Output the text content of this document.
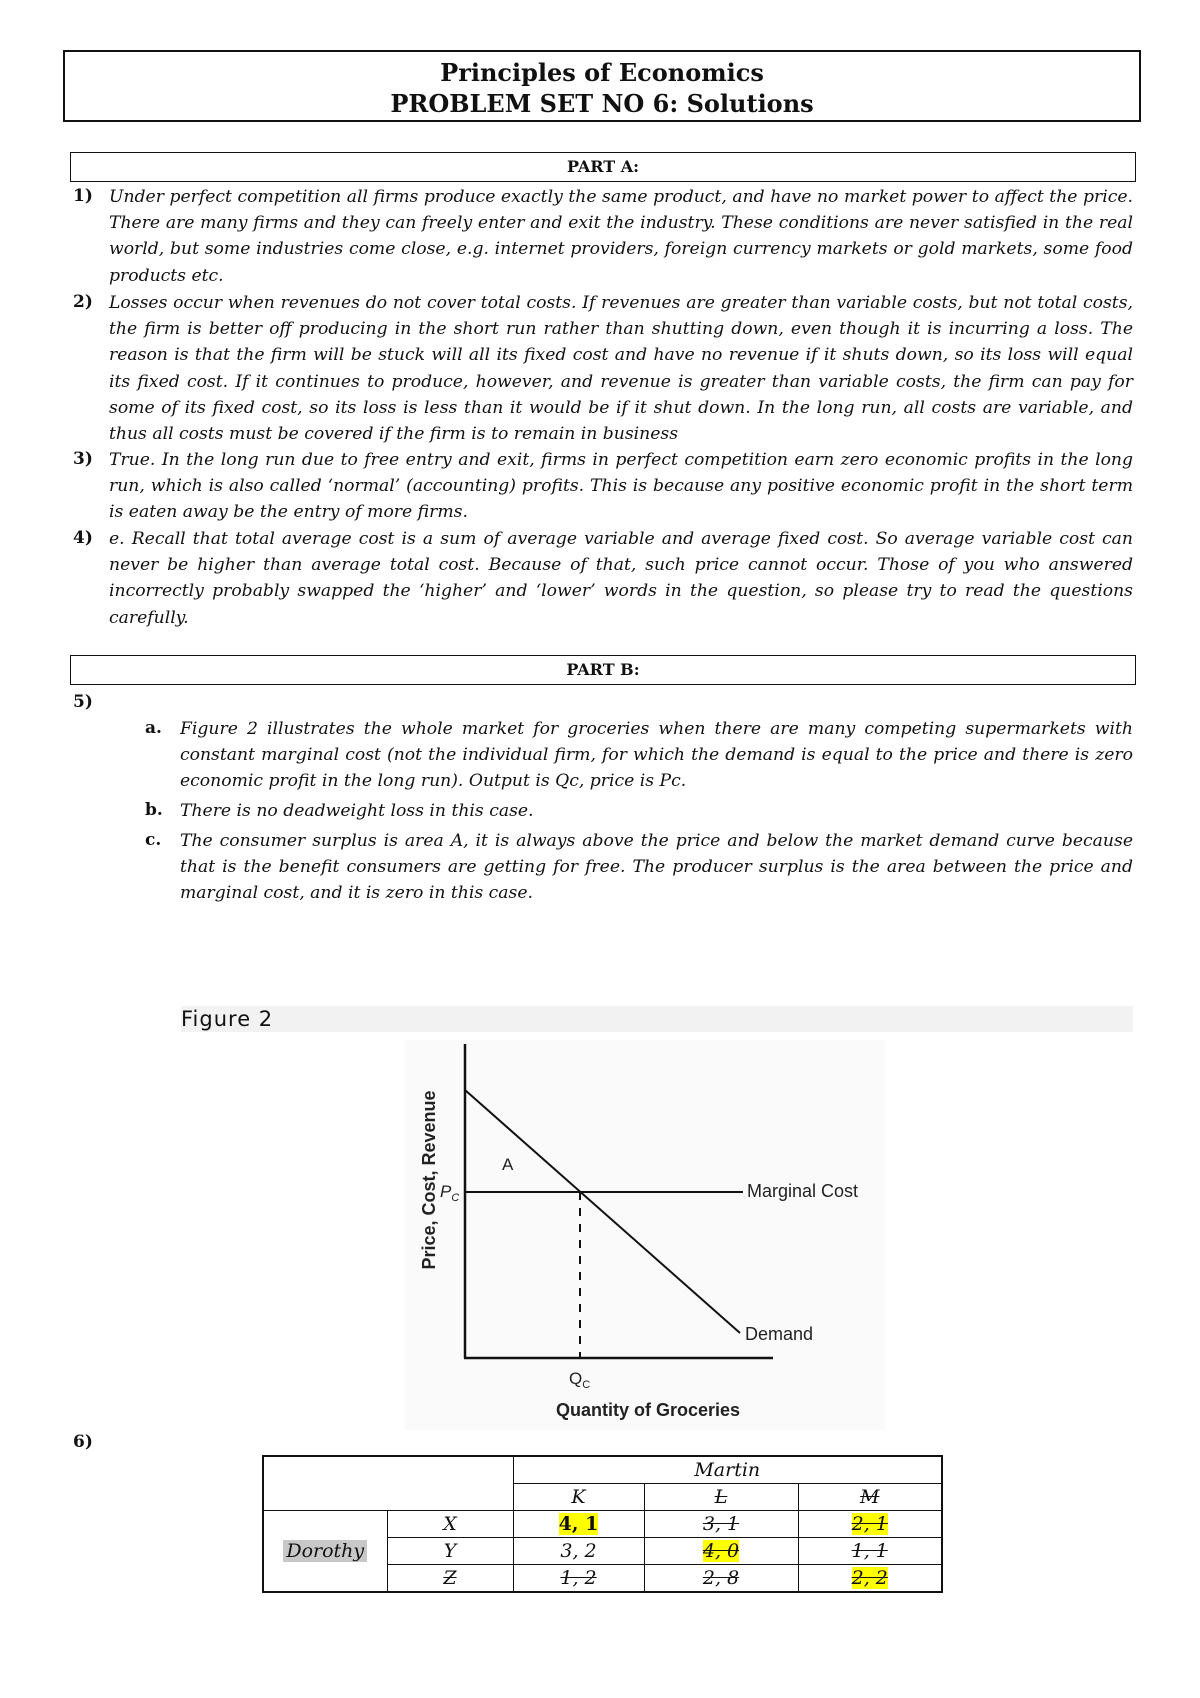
Principles of Economics
PROBLEM SET NO 6: Solutions
PART A:
1) Under perfect competition all firms produce exactly the same product, and have no market power to affect the price. There are many firms and they can freely enter and exit the industry. These conditions are never satisfied in the real world, but some industries come close, e.g. internet providers, foreign currency markets or gold markets, some food products etc.
2) Losses occur when revenues do not cover total costs. If revenues are greater than variable costs, but not total costs, the firm is better off producing in the short run rather than shutting down, even though it is incurring a loss. The reason is that the firm will be stuck will all its fixed cost and have no revenue if it shuts down, so its loss will equal its fixed cost. If it continues to produce, however, and revenue is greater than variable costs, the firm can pay for some of its fixed cost, so its loss is less than it would be if it shut down. In the long run, all costs are variable, and thus all costs must be covered if the firm is to remain in business
3) True. In the long run due to free entry and exit, firms in perfect competition earn zero economic profits in the long run, which is also called ‘normal’ (accounting) profits. This is because any positive economic profit in the short term is eaten away be the entry of more firms.
4) e. Recall that total average cost is a sum of average variable and average fixed cost. So average variable cost can never be higher than average total cost. Because of that, such price cannot occur. Those of you who answered incorrectly probably swapped the ‘higher’ and ‘lower’ words in the question, so please try to read the questions carefully.
PART B:
5)
a. Figure 2 illustrates the whole market for groceries when there are many competing supermarkets with constant marginal cost (not the individual firm, for which the demand is equal to the price and there is zero economic profit in the long run). Output is Qc, price is Pc.
b. There is no deadweight loss in this case.
c. The consumer surplus is area A, it is always above the price and below the market demand curve because that is the benefit consumers are getting for free. The producer surplus is the area between the price and marginal cost, and it is zero in this case.
Figure 2
Price, Cost, Revenue
Quantity of Groceries
A
Marginal Cost
Demand
$P_C$
$Q_C$
6)
		Martin		
		K	L	M
Dorothy	X	4, 1	3, 1	2, 1
	Y	3, 2	4, 0	1, 1
	Z	1, 2	2, 8	2, 2
